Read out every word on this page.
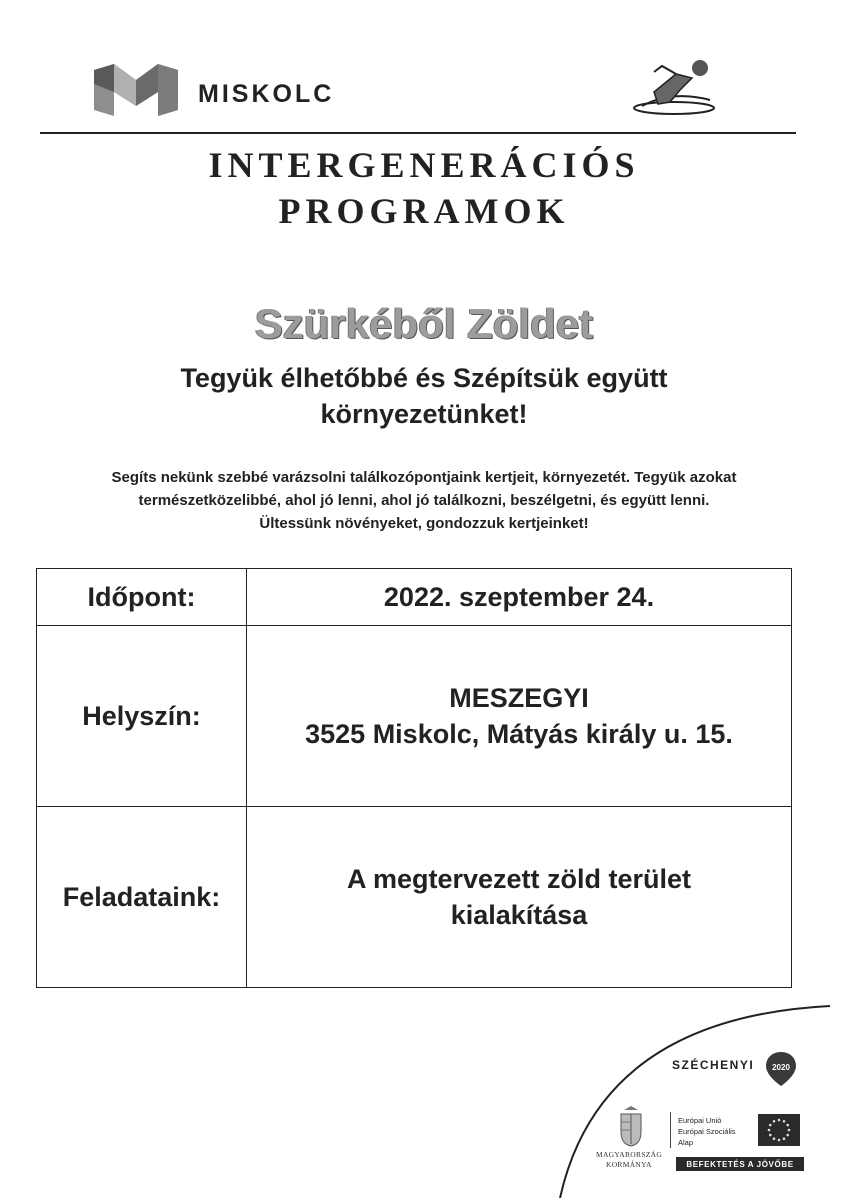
MISKOLC
INTERGENERÁCIÓS
PROGRAMOK
Szürkéből Zöldet
Tegyük élhetőbbé és Szépítsük együtt
környezetünket!
Segíts nekünk szebbé varázsolni találkozópontjaink kertjeit, környezetét. Tegyük azokat
természetközelibbé, ahol jó lenni, ahol jó találkozni, beszélgetni, és együtt lenni.
Ültessünk növényeket, gondozzuk kertjeinket!
Időpont:	2022. szeptember 24.
Helyszín:
MESZEGYI
3525 Miskolc, Mátyás király u. 15.
Feladataink:
A megtervezett zöld terület
kialakítása
SZÉCHENYI 2020
MAGYARORSZÁG
KORMÁNYA
Európai Unió
Európai Szociális
Alap
BEFEKTETÉS A JÖVŐBE
